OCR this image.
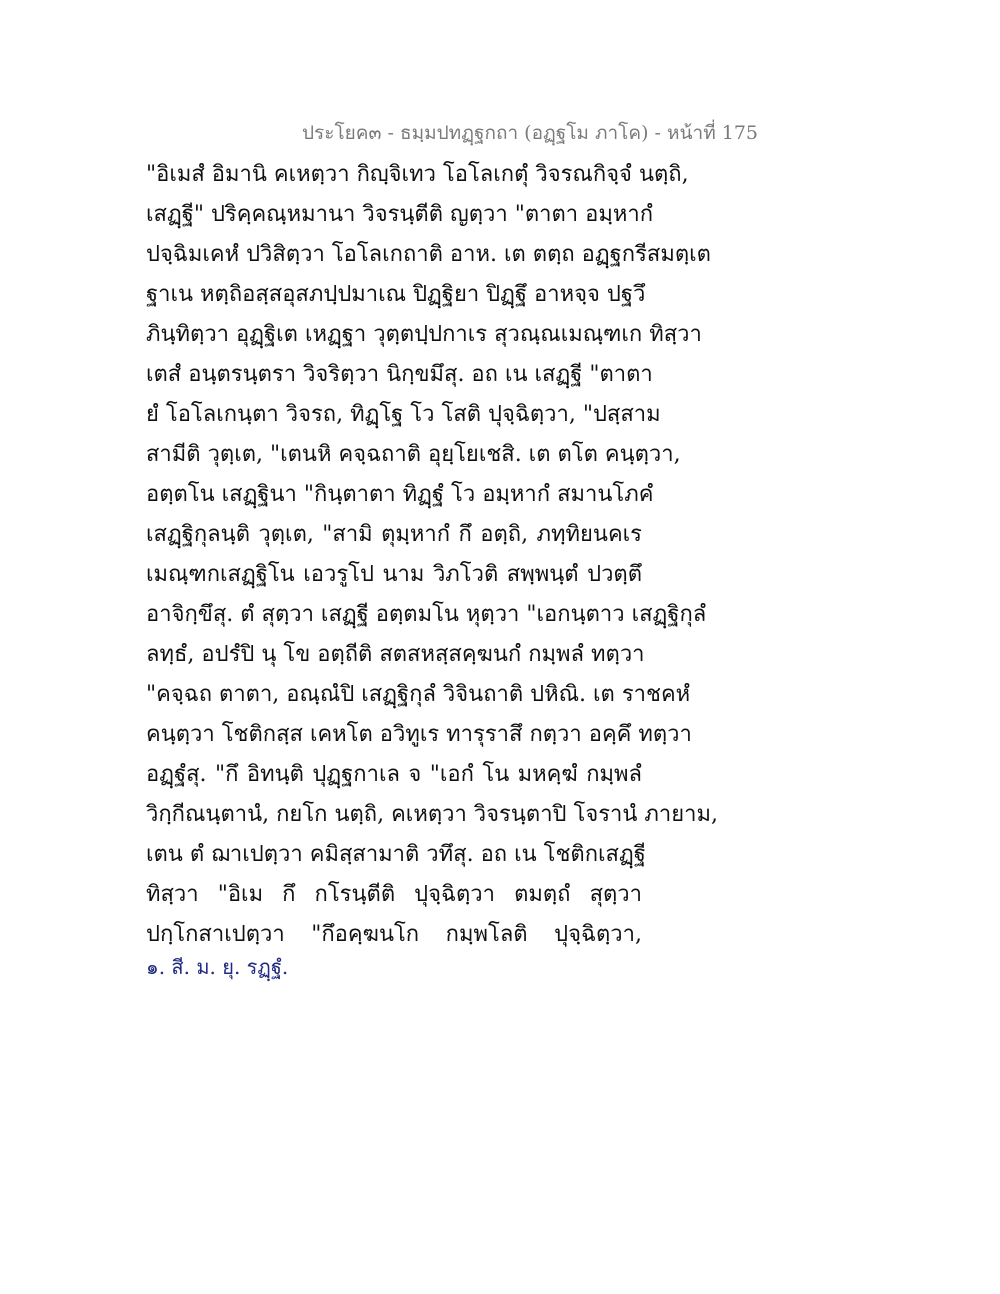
ประโยค๓ - ธมฺมปทฏฺฐกถา (อฏฺฐโม ภาโค) - หน้าที่ 175
"อิเมสํ อิมานิ คเหตฺวา กิญฺจิเทว โอโลเกตุํ วิจรณกิจฺจํ นตฺถิ,
เสฏฺฐี" ปริคฺคณฺหมานา วิจรนฺตีติ ญตฺวา "ตาตา อมฺหากํ
ปจฺฉิมเคหํ ปวิสิตฺวา โอโลเกถาติ อาห. เต ตตฺถ อฏฺฐกรีสมตฺเต
ฐาเน หตฺถิอสฺสอุสภปฺปมาเณ ปิฏฺฐิยา ปิฏฺฐึ อาหจฺจ ปฐวึ
ภินฺทิตฺวา อุฏฺฐิเต เหฏฺฐา วุตฺตปฺปกาเร สุวณฺณเมณฺฑเก ทิสฺวา
เตสํ อนฺตรนฺตรา วิจริตฺวา นิกฺขมึสุ. อถ เน เสฏฺฐี "ตาตา
ยํ โอโลเกนฺตา วิจรถ, ทิฏฺโฐ โว โสติ ปุจฺฉิตฺวา, "ปสฺสาม
สามีติ วุตฺเต, "เตนหิ คจฺฉถาติ อุยฺโยเชสิ. เต ตโต คนฺตฺวา,
อตฺตโน เสฏฺฐินา "กินฺตาตา ทิฏฺฐํ โว อมฺหากํ สมานโภคํ
เสฏฺฐิกุลนฺติ วุตฺเต, "สามิ ตุมฺหากํ กึ อตฺถิ, ภทฺทิยนคเร
เมณฺฑกเสฏฺฐิโน เอวรูโป นาม วิภโวติ สพฺพนฺตํ ปวตฺตึ
อาจิกฺขึสุ. ตํ สุตฺวา เสฏฺฐี อตฺตมโน หุตฺวา "เอกนฺตาว เสฏฺฐิกุลํ
ลทฺธํ, อปรํปิ นุ โข อตฺถีติ สตสหสฺสคฺฆนกํ กมฺพลํ ทตฺวา
"คจฺฉถ ตาตา, อณฺณํปิ เสฏฺฐิกุลํ วิจินถาติ ปหิณิ. เต ราชคหํ
คนฺตฺวา โชติกสฺส เคหโต อวิทูเร ทารุราสึ กตฺวา อคฺคึ ทตฺวา
อฏฺฐํสุ. "กึ อิทนฺติ ปุฏฺฐกาเล จ "เอกํ โน มหคฺฆํ กมฺพลํ
วิกฺกีณนฺตานํ, กยโก นตฺถิ, คเหตฺวา วิจรนฺตาปิ โจรานํ ภายาม,
เตน ตํ ฌาเปตฺวา คมิสฺสามาติ วทึสุ. อถ เน โชติกเสฏฺฐี
ทิสฺวา "อิเม กึ กโรนฺตีติ ปุจฺฉิตฺวา ตมตฺถํ สุตฺวา
ปกฺโกสาเปตฺวา "กึอคฺฆนโก กมฺพโลติ ปุจฺฉิตฺวา,
๑. สี. ม. ยุ. รฏฺฐํ.
